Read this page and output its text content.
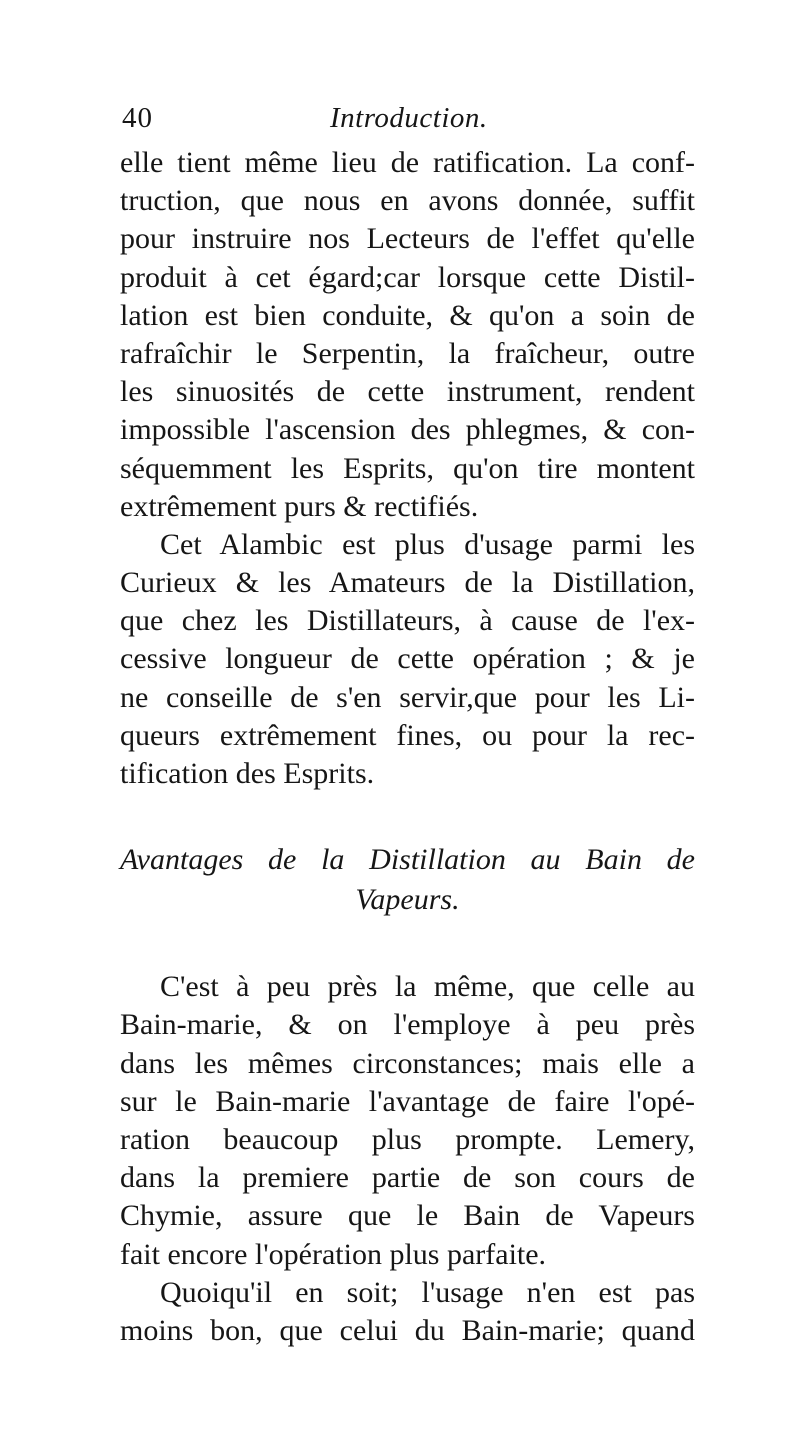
40	Introduction.
elle tient même lieu de ratification. La conf-
truction, que nous en avons donnée, suffit
pour instruire nos Lecteurs de l'effet qu'elle
produit à cet égard;car lorsque cette Distil-
lation est bien conduite, & qu'on a soin de
rafraîchir le Serpentin, la fraîcheur, outre
les sinuosités de cette instrument, rendent
impossible l'ascension des phlegmes, & con-
séquemment les Esprits, qu'on tire montent
extrêmement purs & rectifiés.
Cet Alambic est plus d'usage parmi les
Curieux & les Amateurs de la Distillation,
que chez les Distillateurs, à cause de l'ex-
cessive longueur de cette opération ; & je
ne conseille de s'en servir,que pour les Li-
queurs extrêmement fines, ou pour la rec-
tification des Esprits.
Avantages de la Distillation au Bain de
Vapeurs.
C'est à peu près la même, que celle au
Bain-marie, & on l'employe à peu près
dans les mêmes circonstances; mais elle a
sur le Bain-marie l'avantage de faire l'opé-
ration beaucoup plus prompte. Lemery,
dans la premiere partie de son cours de
Chymie, assure que le Bain de Vapeurs
fait encore l'opération plus parfaite.
Quoiqu'il en soit; l'usage n'en est pas
moins bon, que celui du Bain-marie; quand
